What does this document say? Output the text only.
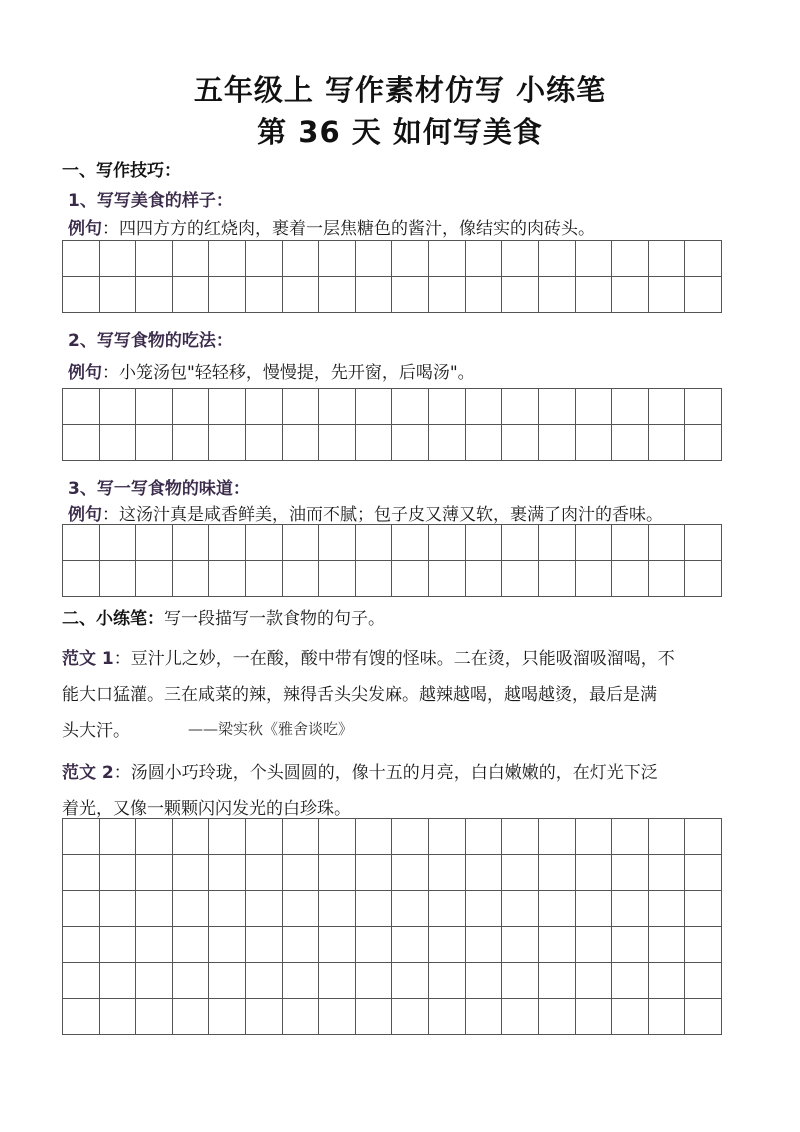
五年级上 写作素材仿写 小练笔
第 36 天 如何写美食
一、写作技巧：
1、写写美食的样子：
例句：四四方方的红烧肉，裹着一层焦糖色的酱汁，像结实的肉砖头。
2、写写食物的吃法：
例句：小笼汤包"轻轻移，慢慢提，先开窗，后喝汤"。
3、写一写食物的味道：
例句：这汤汁真是咸香鲜美，油而不腻；包子皮又薄又软，裹满了肉汁的香味。
二、小练笔：写一段描写一款食物的句子。
范文 1：豆汁儿之妙，一在酸，酸中带有馊的怪味。二在烫，只能吸溜吸溜喝，不
能大口猛灌。三在咸菜的辣，辣得舌头尖发麻。越辣越喝，越喝越烫，最后是满
头大汗。	——梁实秋《雅舍谈吃》
范文 2：汤圆小巧玲珑，个头圆圆的，像十五的月亮，白白嫩嫩的，在灯光下泛
着光，又像一颗颗闪闪发光的白珍珠。
